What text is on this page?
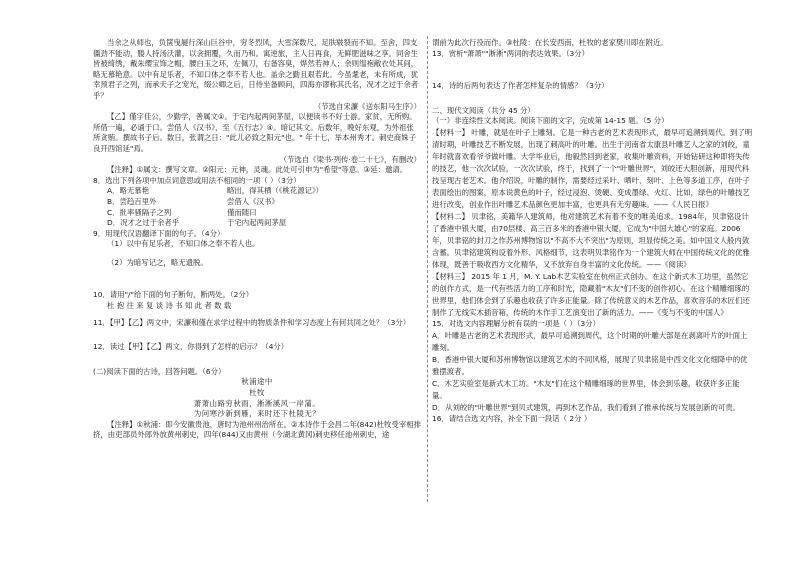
当余之从师也，负箧曳屣行深山巨谷中，穷冬烈风，大雪深数尺，足肤皲裂而不知。至舍，四支僵劲不能动，媵人持汤沃灌，以衾拥覆，久而乃和。寓逆旅，主人日再食，无鲜肥滋味之享。同舍生皆被绮绣，戴朱缨宝饰之帽，腰白玉之环，左佩刀，右备容臭，烨然若神人；余则缊袍敝衣处其间，略无慕艳意。以中有足乐者，不知口体之奉不若人也。盖余之勤且艰若此。今虽耄老，未有所成，犹幸预君子之列，而承天子之宠光，缀公卿之后，日侍坐备顾问，四海亦谬称其氏名，况才之过于余者乎？

（节选自宋濂《送东阳马生序》）

【乙】僅字佳公，少勤学，善属文①。于宅内起两间茅屋，以便读书不好士游。家贫，无所购。所借一遍，必诵于口。尝借人《汉书》，至《五行志》④。暗记其文。后数年，晚好东观，为外祖张所贪贿。撰故书子后。数日，张谓之日："此儿必致之阳元"也。" 年十七，举本州秀才。刺史商姝子良开西馆延"焉。

（节选自《梁书·列传·卷二十七》，有删改）

【注释】①属文：撰写文章。②阳元：元神，灵魂。此处可引申为"希望"等意。③延：邀请。

8．选出下列各项中加点词意思或用法不相同的一项（ ）（3分）

A．略无慕艳	略出，得其栖（《桃花源记》）
B．尝趋百里外	尝借人《汉书》
C．批率骚隔子之列	僅而随曰
D．况才之过于余者乎	于宅内起两间茅屋

9．用现代汉语翻译下面的句子。（4分）

（1）以中有足乐者，不知口体之奉不若人也。

（2）为暗写记之，略无遗脱。

10．请用"/"给下面的句子断句，断两处。（2分）

杜 抱 往 来 复 谈 诗 书 知 此 者 数 载

11．【甲】【乙】两文中，宋濂和僅在求学过程中的物质条件和学习态度上有何共同之处？（3分）

12．读过【甲】【乙】两文，你得到了怎样的启示？（4分）

(二)阅读下面的古诗，回答问题。（6分）

秋浦途中

杜牧

萧萧山路穷秋雨，淅淅溪风一岸蒲。

为问寒沙新到雁，来时还下杜陵无？

【注释】①秋浦：即今安徽贵池，唐时为池州州治所在。②本诗作于会昌二年(842)杜牧受宰相排挤，由吏部员外郎外放黄州刺史，四年(844)又由黄州（今湖北黄冈)刺史移任池州刺史，途

谓前为此次行役而作。③杜陵：在长安西南，杜牧的老家樊川即在附近。

13．赏析"萧萧""淅淅"两词的表达效果。（3分）

14．诗的后两句表达了作者怎样复杂的情感？（3分）

二、现代文阅读（共分 45 分）

（一）非连续性文本阅读。阅读下面的文字，完成第 14-15 题。（5 分）

【材料一】 叶雕，就是在叶子上雕刻。它是一种古老的艺术表现形式，最早可追溯到周代。到了明清时期，叶雕技艺不断发展，出现了刺高叶的叶雕。出生于河南省太康县叶雕艺人之家的刘皎，童年时就喜欢看爷爷做叶雕。大学毕业后，他毅然回到老家，收集叶雕资料，开始钻研这种即将失传的技艺，他一次次试验，一次次试验，终于，找到了一个"叶雕世界"，刘皎还大胆创新，用现代科技呈现古老艺术。他介绍说，叶雕的制作，需要经过采叶、晒叶、刻叶、上色等多道工序，在叶子表面绘出的图案，原本说黄色的叶子，经过浸泡、烫硬、变成墨绿、火红、比如，绿色的叶雕技艺进行改变，创业作出叶雕艺术品颜色更加丰富，也更具有无穷趣味。——《人民日报》

【材料二】 贝聿铭，美籍华人建筑师，他对建筑艺术有着不变的唯美追求。1984年，贝聿铭设计了香港中银大厦，由70层楼、高三百多米的香港中银大厦，它成为"中国大雄心"的家庭。2006 年，贝聿铭的封刀之作苏州博物馆以"不高不大不突出"为原则，坦显传统之美。如中国文人般内敛含蓄。贝聿铭建筑构设着外形、风格细节，这表明贝聿铭作为一个建筑大师在中国传统文化的优雅体现，既善于吸收西方文化精华，又不放弃自身丰富的文化传统。——《阅读》

【材料三】 2015 年 1 月，M. Y. Lab木艺实验室在杭州正式创办。在这个新式木工坊里，虽然它的创作方式，是一代有些活力的工序和时光，隐藏着"木友"们不变的创作初心。在这个精雕细琢的世界里，他们体会到了乐趣也收获了许多正能量。除了传统意义的木艺作品，喜欢音乐的木匠们还制作了无线实木插音箱，传统的木作手工艺演变出了新的活力。——《变与不变的中国人》

15．对选文内容理解分析有误的一项是（ ）（3分）

A．叶雕是古老的艺术表现形式，最早可追溯到周代，这个时期的叶雕大部是在剥离叶片的叶面上雕刻。

B．香港中银大厦和苏州博物馆以建筑艺术的不同风格，展现了贝聿铭是中西文化文化细降中的优雅摆渡者。

C．木艺实验室是新式木工坊。"木友"们在这个精雕细琢的世界里，体会到乐趣，收获许多正能量。

D．从刘皎的"叶雕世界"到贝式建筑，再到木艺作品，我们看到了推承传统与发展创新的可贵。

16．请结合选文内容，补全下面一段话（ 2分 ）
